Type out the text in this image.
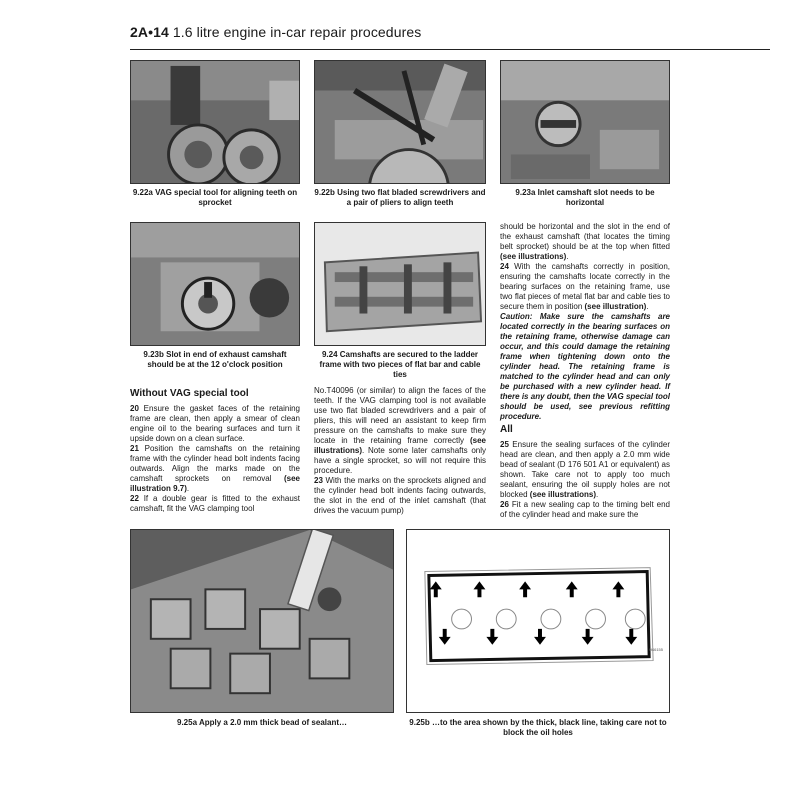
2A•14 1.6 litre engine in-car repair procedures
9.22a VAG special tool for aligning teeth on sprocket
9.22b Using two flat bladed screwdrivers and a pair of pliers to align teeth
9.23a Inlet camshaft slot needs to be horizontal
9.23b Slot in end of exhaust camshaft should be at the 12 o'clock position
9.24 Camshafts are secured to the ladder frame with two pieces of flat bar and cable ties
Without VAG special tool

20 Ensure the gasket faces of the retaining frame are clean, then apply a smear of clean engine oil to the bearing surfaces and turn it upside down on a clean surface.

21 Position the camshafts on the retaining frame with the cylinder head bolt indents facing outwards. Align the marks made on the camshaft sprockets on removal (see illustration 9.7).

22 If a double gear is fitted to the exhaust camshaft, fit the VAG clamping tool

No.T40096 (or similar) to align the faces of the teeth. If the VAG clamping tool is not available use two flat bladed screwdrivers and a pair of pliers, this will need an assistant to keep firm pressure on the camshafts to make sure they locate in the retaining frame correctly (see illustrations). Note some later camshafts only have a single sprocket, so will not require this procedure.

23 With the marks on the sprockets aligned and the cylinder head bolt indents facing outwards, the slot in the end of the inlet camshaft (that drives the vacuum pump)

should be horizontal and the slot in the end of the exhaust camshaft (that locates the timing belt sprocket) should be at the top when fitted (see illustrations).

24 With the camshafts correctly in position, ensuring the camshafts locate correctly in the bearing surfaces on the retaining frame, use two flat pieces of metal flat bar and cable ties to secure them in position (see illustration).

Caution: Make sure the camshafts are located correctly in the bearing surfaces on the retaining frame, otherwise damage can occur, and this could damage the retaining frame when tightening down onto the cylinder head. The retaining frame is matched to the cylinder head and can only be purchased with a new cylinder head. If there is any doubt, then the VAG special tool should be used, see previous refitting procedure.

All

25 Ensure the sealing surfaces of the cylinder head are clean, and then apply a 2.0 mm wide bead of sealant (D 176 501 A1 or equivalent) as shown. Take care not to apply too much sealant, ensuring the oil supply holes are not blocked (see illustrations).

26 Fit a new sealing cap to the timing belt end of the cylinder head and make sure the

9.25a Apply a 2.0 mm thick bead of sealant…
H46155
9.25b …to the area shown by the thick, black line, taking care not to block the oil holes
